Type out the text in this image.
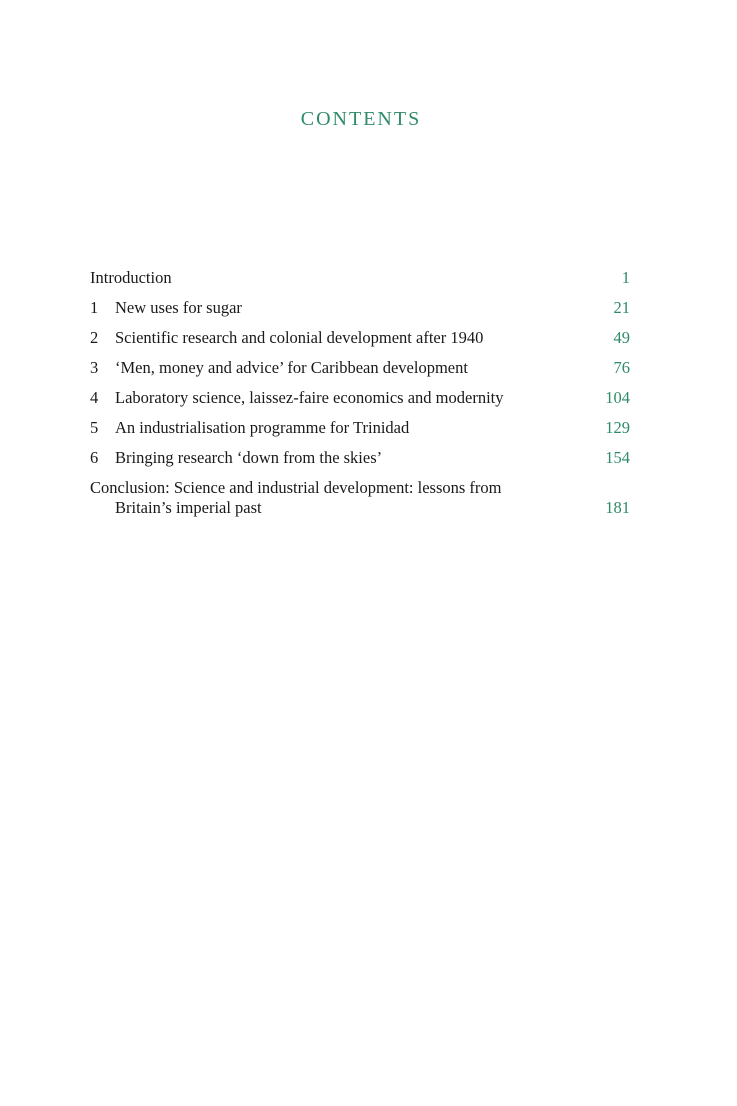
CONTENTS
Introduction	1
1	New uses for sugar	21
2	Scientific research and colonial development after 1940	49
3	‘Men, money and advice’ for Caribbean development	76
4	Laboratory science, laissez-faire economics and modernity	104
5	An industrialisation programme for Trinidad	129
6	Bringing research ‘down from the skies’	154
Conclusion: Science and industrial development: lessons from
Britain’s imperial past	181
